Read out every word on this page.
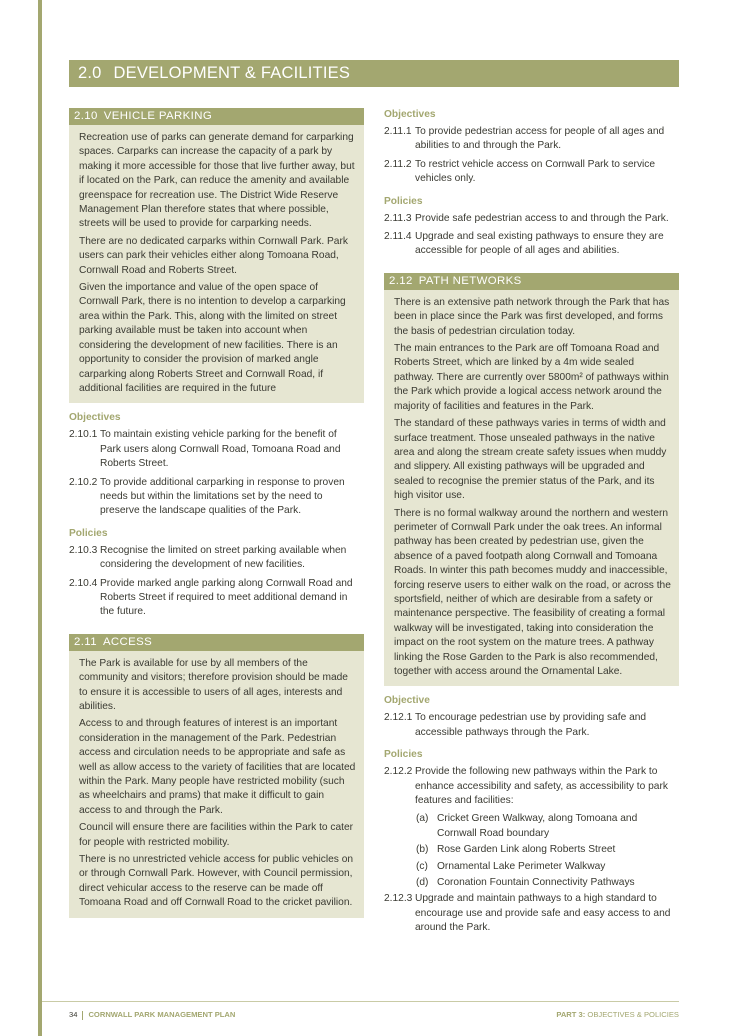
2.0 DEVELOPMENT & FACILITIES
2.10 VEHICLE PARKING

Recreation use of parks can generate demand for carparking spaces. Carparks can increase the capacity of a park by making it more accessible for those that live further away, but if located on the Park, can reduce the amenity and available greenspace for recreation use. The District Wide Reserve Management Plan therefore states that where possible, streets will be used to provide for carparking needs.

There are no dedicated carparks within Cornwall Park. Park users can park their vehicles either along Tomoana Road, Cornwall Road and Roberts Street.

Given the importance and value of the open space of Cornwall Park, there is no intention to develop a carparking area within the Park. This, along with the limited on street parking available must be taken into account when considering the development of new facilities. There is an opportunity to consider the provision of marked angle carparking along Roberts Street and Cornwall Road, if additional facilities are required in the future

Objectives
2.10.1 To maintain existing vehicle parking for the benefit of Park users along Cornwall Road, Tomoana Road and Roberts Street.
2.10.2 To provide additional carparking in response to proven needs but within the limitations set by the need to preserve the landscape qualities of the Park.
Policies
2.10.3 Recognise the limited on street parking available when considering the development of new facilities.
2.10.4 Provide marked angle parking along Cornwall Road and Roberts Street if required to meet additional demand in the future.
2.11 ACCESS

The Park is available for use by all members of the community and visitors; therefore provision should be made to ensure it is accessible to users of all ages, interests and abilities.

Access to and through features of interest is an important consideration in the management of the Park. Pedestrian access and circulation needs to be appropriate and safe as well as allow access to the variety of facilities that are located within the Park. Many people have restricted mobility (such as wheelchairs and prams) that make it difficult to gain access to and through the Park.

Council will ensure there are facilities within the Park to cater for people with restricted mobility.

There is no unrestricted vehicle access for public vehicles on or through Cornwall Park. However, with Council permission, direct vehicular access to the reserve can be made off Tomoana Road and off Cornwall Road to the cricket pavilion.

Objectives
2.11.1 To provide pedestrian access for people of all ages and abilities to and through the Park.
2.11.2 To restrict vehicle access on Cornwall Park to service vehicles only.
Policies
2.11.3 Provide safe pedestrian access to and through the Park.
2.11.4 Upgrade and seal existing pathways to ensure they are accessible for people of all ages and abilities.
2.12 PATH NETWORKS

There is an extensive path network through the Park that has been in place since the Park was first developed, and forms the basis of pedestrian circulation today.

The main entrances to the Park are off Tomoana Road and Roberts Street, which are linked by a 4m wide sealed pathway. There are currently over 5800m² of pathways within the Park which provide a logical access network around the majority of facilities and features in the Park.

The standard of these pathways varies in terms of width and surface treatment. Those unsealed pathways in the native area and along the stream create safety issues when muddy and slippery. All existing pathways will be upgraded and sealed to recognise the premier status of the Park, and its high visitor use.

There is no formal walkway around the northern and western perimeter of Cornwall Park under the oak trees. An informal pathway has been created by pedestrian use, given the absence of a paved footpath along Cornwall and Tomoana Roads. In winter this path becomes muddy and inaccessible, forcing reserve users to either walk on the road, or across the sportsfield, neither of which are desirable from a safety or maintenance perspective. The feasibility of creating a formal walkway will be investigated, taking into consideration the impact on the root system on the mature trees. A pathway linking the Rose Garden to the Park is also recommended, together with access around the Ornamental Lake.

Objective
2.12.1 To encourage pedestrian use by providing safe and accessible pathways through the Park.
Policies
2.12.2 Provide the following new pathways within the Park to enhance accessibility and safety, as accessibility to park features and facilities:
(a) Cricket Green Walkway, along Tomoana and Cornwall Road boundary
(b) Rose Garden Link along Roberts Street
(c) Ornamental Lake Perimeter Walkway
(d) Coronation Fountain Connectivity Pathways
2.12.3 Upgrade and maintain pathways to a high standard to encourage use and provide safe and easy access to and around the Park.
34 CORNWALL PARK MANAGEMENT PLAN	PART 3: OBJECTIVES & POLICIES
